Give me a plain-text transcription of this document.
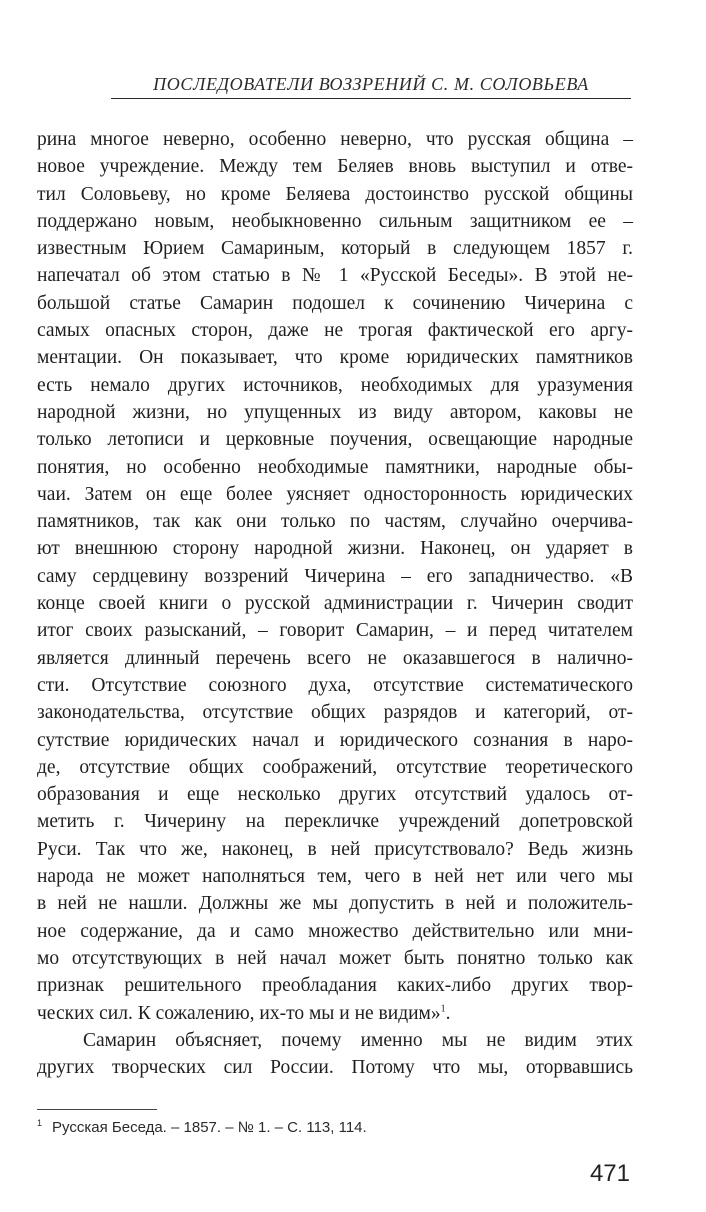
ПОСЛЕДОВАТЕЛИ ВОЗЗРЕНИЙ С. М. СОЛОВЬЕВА
рина многое неверно, особенно неверно, что русская община –
новое учреждение. Между тем Беляев вновь выступил и отве-
тил Соловьеву, но кроме Беляева достоинство русской общины
поддержано новым, необыкновенно сильным защитником ее –
известным Юрием Самариным, который в следующем 1857 г.
напечатал об этом статью в № 1 «Русской Беседы». В этой не-
большой статье Самарин подошел к сочинению Чичерина с
самых опасных сторон, даже не трогая фактической его аргу-
ментации. Он показывает, что кроме юридических памятников
есть немало других источников, необходимых для уразумения
народной жизни, но упущенных из виду автором, каковы не
только летописи и церковные поучения, освещающие народные
понятия, но особенно необходимые памятники, народные обы-
чаи. Затем он еще более уясняет односторонность юридических
памятников, так как они только по частям, случайно очерчива-
ют внешнюю сторону народной жизни. Наконец, он ударяет в
саму сердцевину воззрений Чичерина – его западничество. «В
конце своей книги о русской администрации г. Чичерин сводит
итог своих разысканий, – говорит Самарин, – и перед читателем
является длинный перечень всего не оказавшегося в налично-
сти. Отсутствие союзного духа, отсутствие систематического
законодательства, отсутствие общих разрядов и категорий, от-
сутствие юридических начал и юридического сознания в наро-
де, отсутствие общих соображений, отсутствие теоретического
образования и еще несколько других отсутствий удалось от-
метить г. Чичерину на перекличке учреждений допетровской
Руси. Так что же, наконец, в ней присутствовало? Ведь жизнь
народа не может наполняться тем, чего в ней нет или чего мы
в ней не нашли. Должны же мы допустить в ней и положитель-
ное содержание, да и само множество действительно или мни-
мо отсутствующих в ней начал может быть понятно только как
признак решительного преобладания каких-либо других твор-
ческих сил. К сожалению, их-то мы и не видим»$^1$.
Самарин объясняет, почему именно мы не видим этих
других творческих сил России. Потому что мы, оторвавшись
$^1$ Русская Беседа. – 1857. – № 1. – С. 113, 114.
471
